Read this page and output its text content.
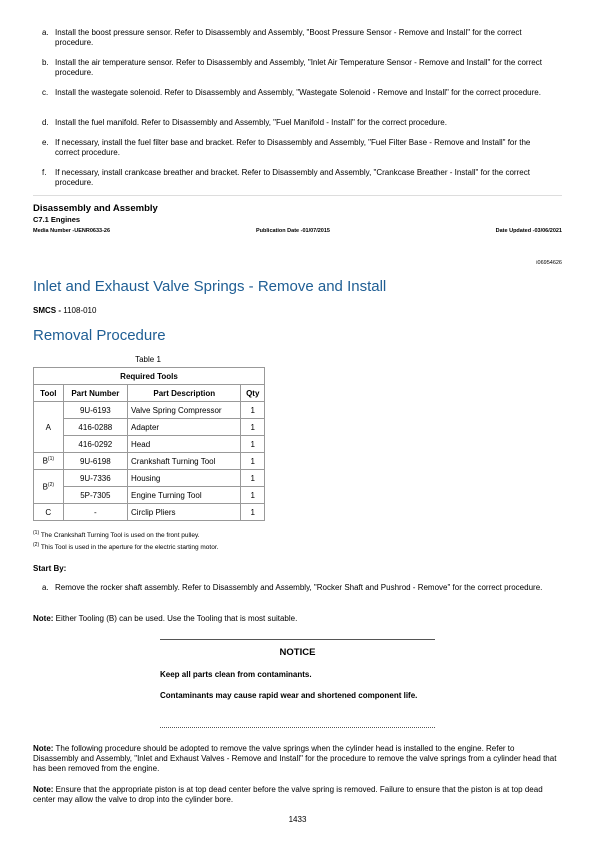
a. Install the boost pressure sensor. Refer to Disassembly and Assembly, "Boost Pressure Sensor - Remove and Install" for the correct procedure.
b. Install the air temperature sensor. Refer to Disassembly and Assembly, "Inlet Air Temperature Sensor - Remove and Install" for the correct procedure.
c. Install the wastegate solenoid. Refer to Disassembly and Assembly, "Wastegate Solenoid - Remove and Install" for the correct procedure.
d. Install the fuel manifold. Refer to Disassembly and Assembly, "Fuel Manifold - Install" for the correct procedure.
e. If necessary, install the fuel filter base and bracket. Refer to Disassembly and Assembly, "Fuel Filter Base - Remove and Install" for the correct procedure.
f.	If necessary, install crankcase breather and bracket. Refer to Disassembly and Assembly, "Crankcase Breather - Install" for the correct procedure.
Disassembly and Assembly
C7.1 Engines
Media Number -UENR0633-26	Publication Date -01/07/2015	Date Updated -03/06/2021
i06954626
Inlet and Exhaust Valve Springs - Remove and Install
SMCS - 1108-010
Removal Procedure
Table 1
Required Tools			
Tool	Part Number	Part Description	Qty
A	9U-6193	Valve Spring Compressor	1
	416-0288	Adapter	1
	416-0292	Head	1
$B^{(1)}$	9U-6198	Crankshaft Turning Tool	1
$B^{(2)}$	9U-7336	Housing	1
	5P-7305	Engine Turning Tool	1
C	-	Circlip Pliers	1
$^{(1)}$ The Crankshaft Turning Tool is used on the front pulley.
$^{(2)}$ This Tool is used in the aperture for the electric starting motor.
Start By:
a. Remove the rocker shaft assembly. Refer to Disassembly and Assembly, "Rocker Shaft and Pushrod - Remove" for the correct procedure.
Note: Either Tooling (B) can be used. Use the Tooling that is most suitable.
NOTICE
Keep all parts clean from contaminants.
Contaminants may cause rapid wear and shortened component life.
Note: The following procedure should be adopted to remove the valve springs when the cylinder head is installed to the engine. Refer to Disassembly and Assembly, "Inlet and Exhaust Valves - Remove and Install" for the procedure to remove the valve springs from a cylinder head that has been removed from the engine.
Note: Ensure that the appropriate piston is at top dead center before the valve spring is removed. Failure to ensure that the piston is at top dead center may allow the valve to drop into the cylinder bore.
1433
